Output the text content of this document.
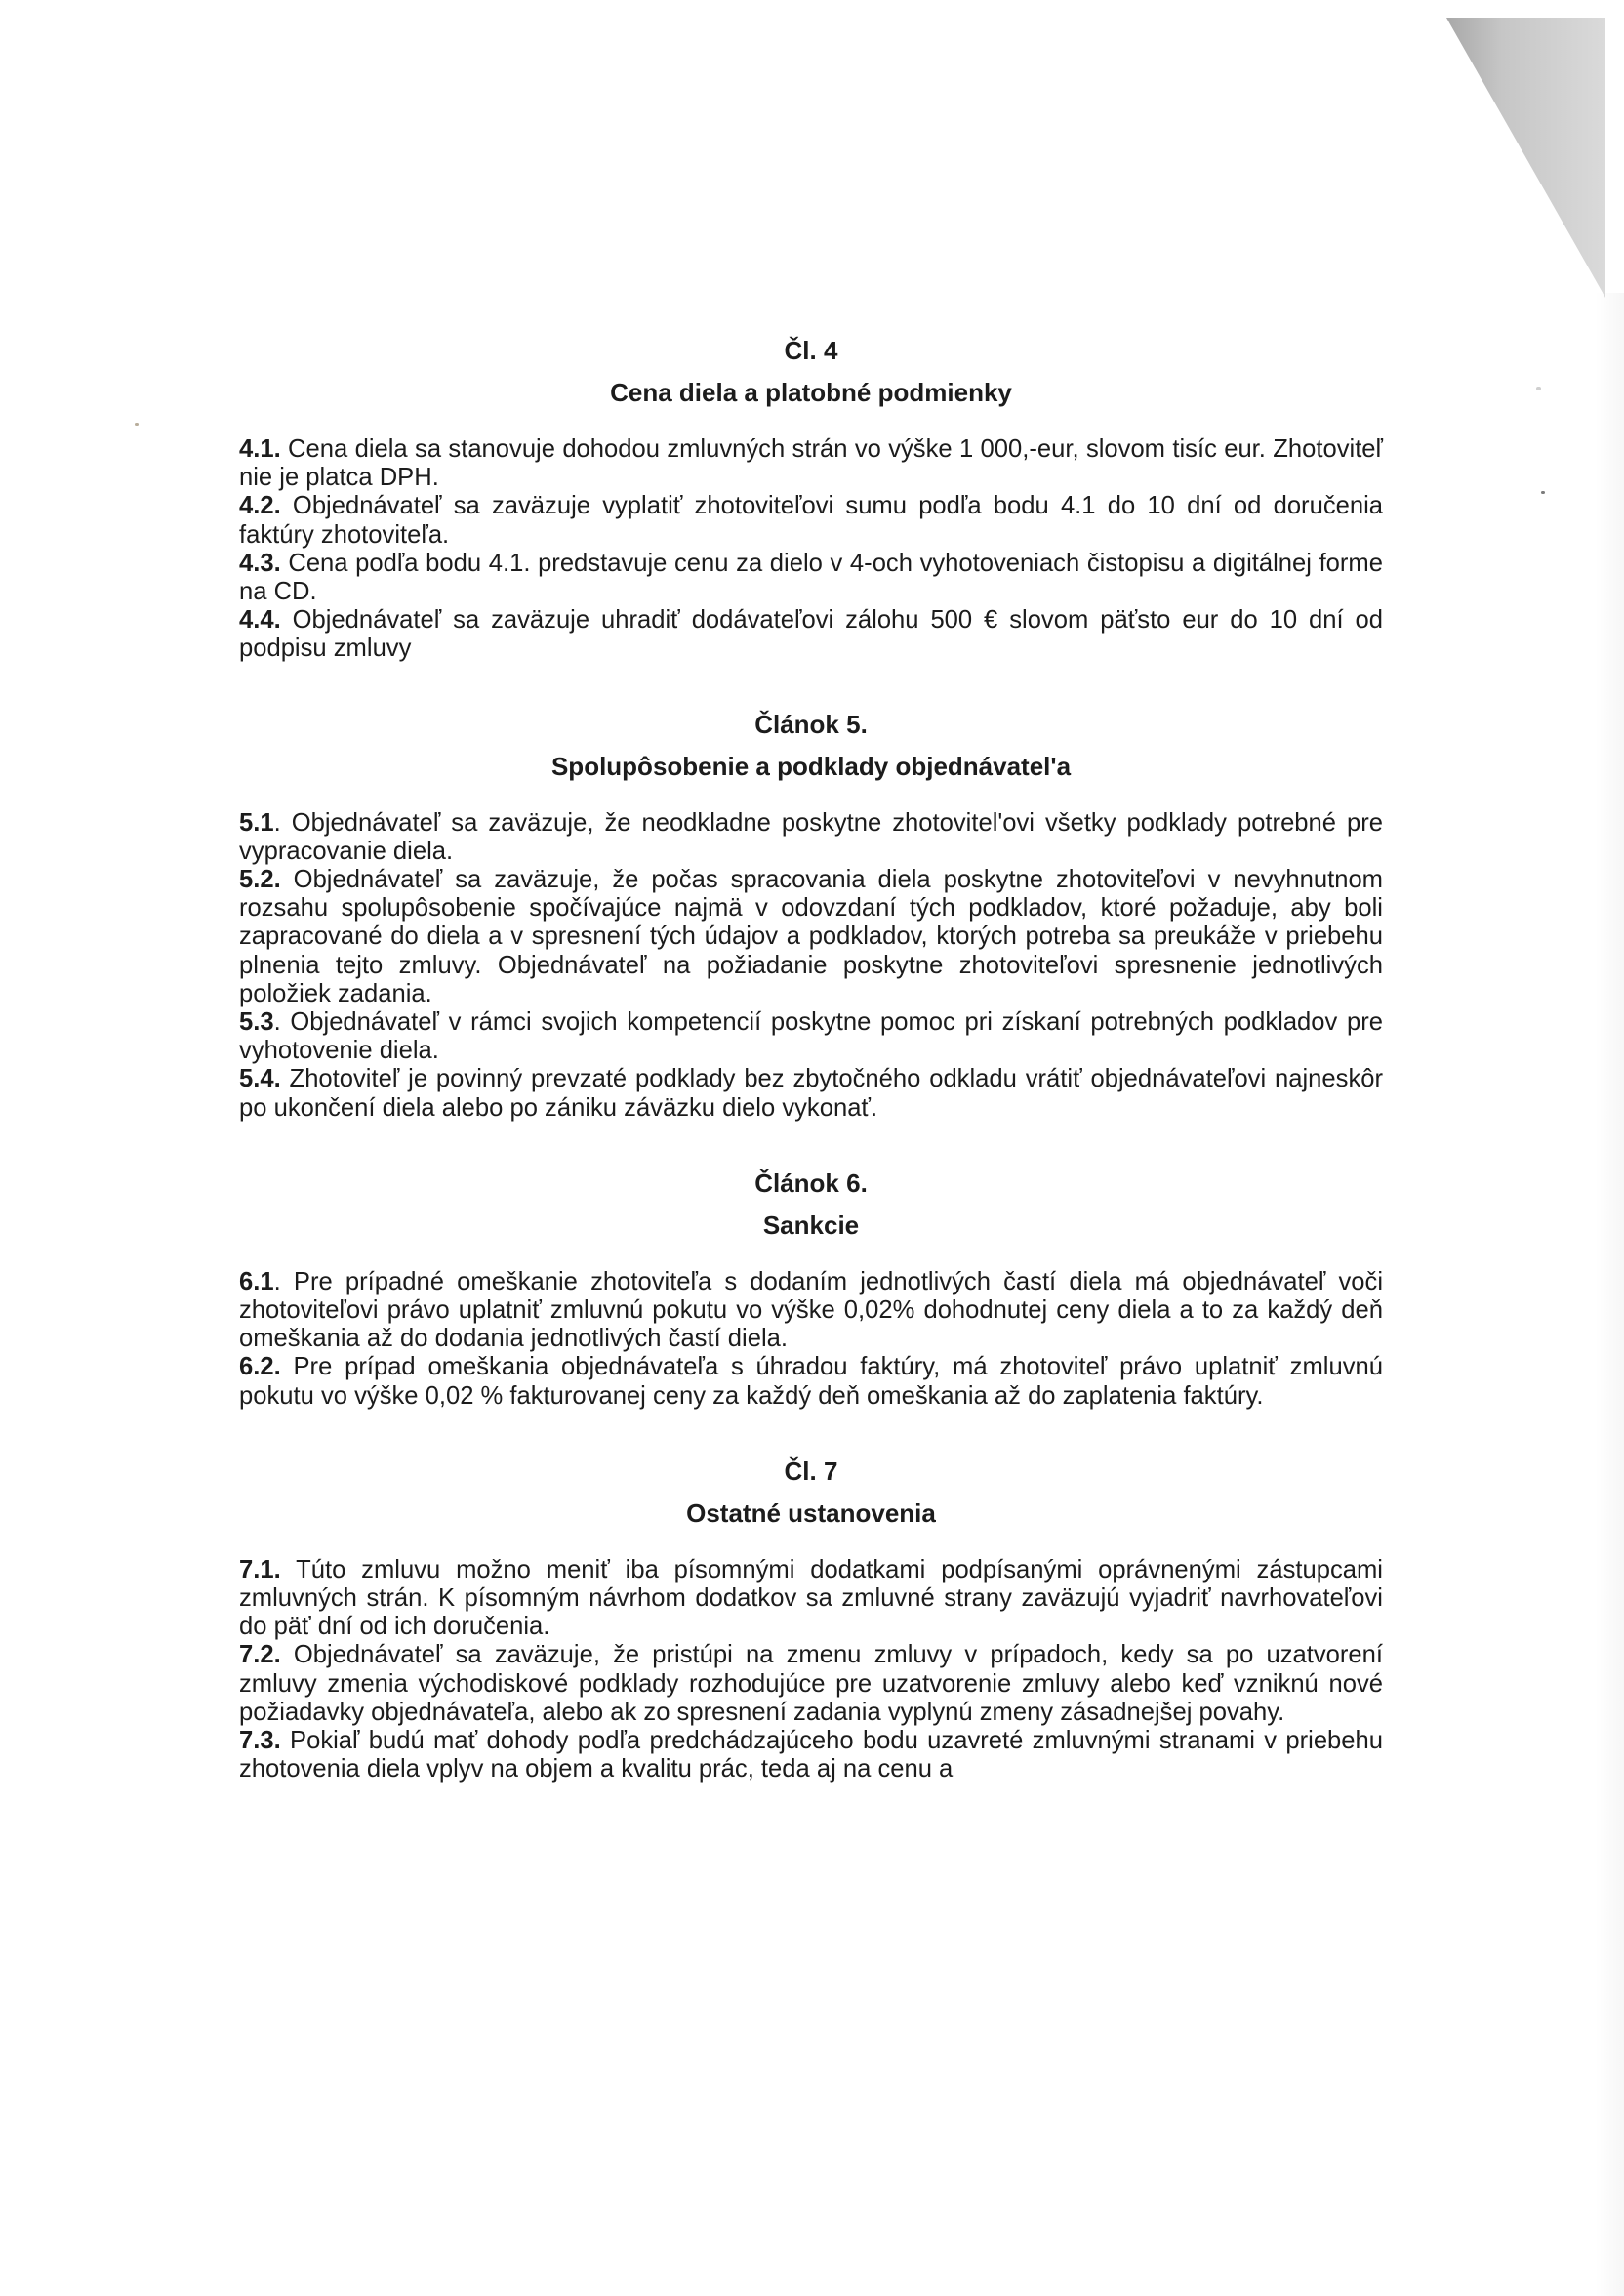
Čl. 4
Cena diela a platobné podmienky

4.1. Cena diela sa stanovuje dohodou zmluvných strán vo výške 1 000,-eur, slovom tisíc eur. Zhotoviteľ nie je platca DPH.

4.2. Objednávateľ sa zaväzuje vyplatiť zhotoviteľovi sumu podľa bodu 4.1 do 10 dní od doručenia faktúry zhotoviteľa.

4.3. Cena podľa bodu 4.1. predstavuje cenu za dielo v 4-och vyhotoveniach čistopisu a digitálnej forme na CD.

4.4. Objednávateľ sa zaväzuje uhradiť dodávateľovi zálohu 500 € slovom päťsto eur do 10 dní od podpisu zmluvy

Článok 5.
Spolupôsobenie a podklady objednávatel'a

5.1. Objednávateľ sa zaväzuje, že neodkladne poskytne zhotovitel'ovi všetky podklady potrebné pre vypracovanie diela.

5.2. Objednávateľ sa zaväzuje, že počas spracovania diela poskytne zhotoviteľovi v nevyhnutnom rozsahu spolupôsobenie spočívajúce najmä v odovzdaní tých podkladov, ktoré požaduje, aby boli zapracované do diela a v spresnení tých údajov a podkladov, ktorých potreba sa preukáže v priebehu plnenia tejto zmluvy. Objednávateľ na požiadanie poskytne zhotoviteľovi spresnenie jednotlivých položiek zadania.

5.3. Objednávateľ v rámci svojich kompetencií poskytne pomoc pri získaní potrebných podkladov pre vyhotovenie diela.

5.4. Zhotoviteľ je povinný prevzaté podklady bez zbytočného odkladu vrátiť objednávateľovi najneskôr po ukončení diela alebo po zániku záväzku dielo vykonať.

Článok 6.
Sankcie

6.1. Pre prípadné omeškanie zhotoviteľa s dodaním jednotlivých častí diela má objednávateľ voči zhotoviteľovi právo uplatniť zmluvnú pokutu vo výške 0,02% dohodnutej ceny diela a to za každý deň omeškania až do dodania jednotlivých častí diela.

6.2. Pre prípad omeškania objednávateľa s úhradou faktúry, má zhotoviteľ právo uplatniť zmluvnú pokutu vo výške 0,02 % fakturovanej ceny za každý deň omeškania až do zaplatenia faktúry.

Čl. 7
Ostatné ustanovenia

7.1. Túto zmluvu možno meniť iba písomnými dodatkami podpísanými oprávnenými zástupcami zmluvných strán. K písomným návrhom dodatkov sa zmluvné strany zaväzujú vyjadriť navrhovateľovi do päť dní od ich doručenia.

7.2. Objednávateľ sa zaväzuje, že pristúpi na zmenu zmluvy v prípadoch, kedy sa po uzatvorení zmluvy zmenia východiskové podklady rozhodujúce pre uzatvorenie zmluvy alebo keď vzniknú nové požiadavky objednávateľa, alebo ak zo spresnení zadania vyplynú zmeny zásadnejšej povahy.

7.3. Pokiaľ budú mať dohody podľa predchádzajúceho bodu uzavreté zmluvnými stranami v priebehu zhotovenia diela vplyv na objem a kvalitu prác, teda aj na cenu a
